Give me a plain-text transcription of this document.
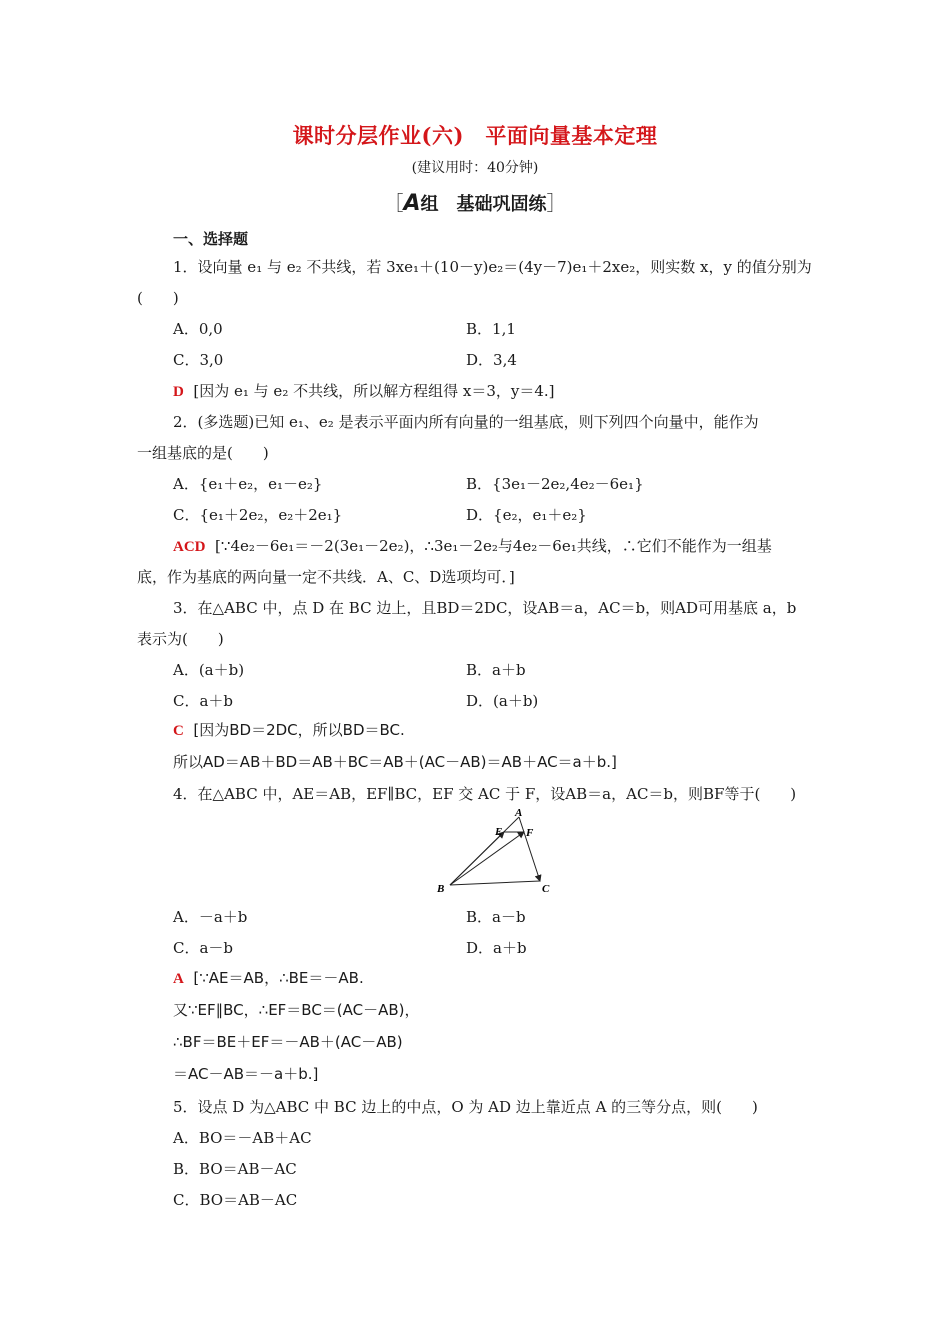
课时分层作业(六)　平面向量基本定理
(建议用时：40分钟)
［A组　基础巩固练］
一、选择题
1．设向量 e₁ 与 e₂ 不共线，若 3xe₁＋(10－y)e₂＝(4y－7)e₁＋2xe₂，则实数 x，y 的值分别为
(　　)
A．0,0	B．1,1
C．3,0	D．3,4
D [因为 e₁ 与 e₂ 不共线，所以解方程组得 x＝3，y＝4.]
2．(多选题)已知 e₁、e₂ 是表示平面内所有向量的一组基底，则下列四个向量中，能作为
一组基底的是(　　)
A．{e₁＋e₂，e₁－e₂}	B．{3e₁－2e₂,4e₂－6e₁}
C．{e₁＋2e₂，e₂＋2e₁}	D．{e₂，e₁＋e₂}
ACD [∵4e₂－6e₁＝－2(3e₁－2e₂)，∴3e₁－2e₂与4e₂－6e₁共线，∴它们不能作为一组基
底，作为基底的两向量一定不共线．A、C、D选项均可．]
3．在△ABC 中，点 D 在 BC 边上，且BD＝2DC，设AB＝a，AC＝b，则AD可用基底 a，b
表示为(　　)
A．(a＋b)	B．a＋b
C．a＋b	D．(a＋b)
C [因为BD＝2DC，所以BD＝BC.
所以AD＝AB＋BD＝AB＋BC＝AB＋(AC－AB)＝AB＋AC＝a＋b.]
4．在△ABC 中，AE＝AB，EF∥BC，EF 交 AC 于 F，设AB＝a，AC＝b，则BF等于(　　)
A
E F
B	C
A．－a＋b	B．a－b
C．a－b	D．a＋b
A [∵AE＝AB，∴BE＝－AB.
又∵EF∥BC，∴EF＝BC＝(AC－AB)，
∴BF＝BE＋EF＝－AB＋(AC－AB)
＝AC－AB＝－a＋b.]
5．设点 D 为△ABC 中 BC 边上的中点，O 为 AD 边上靠近点 A 的三等分点，则(　　)
A．BO＝－AB＋AC
B．BO＝AB－AC
C．BO＝AB－AC
